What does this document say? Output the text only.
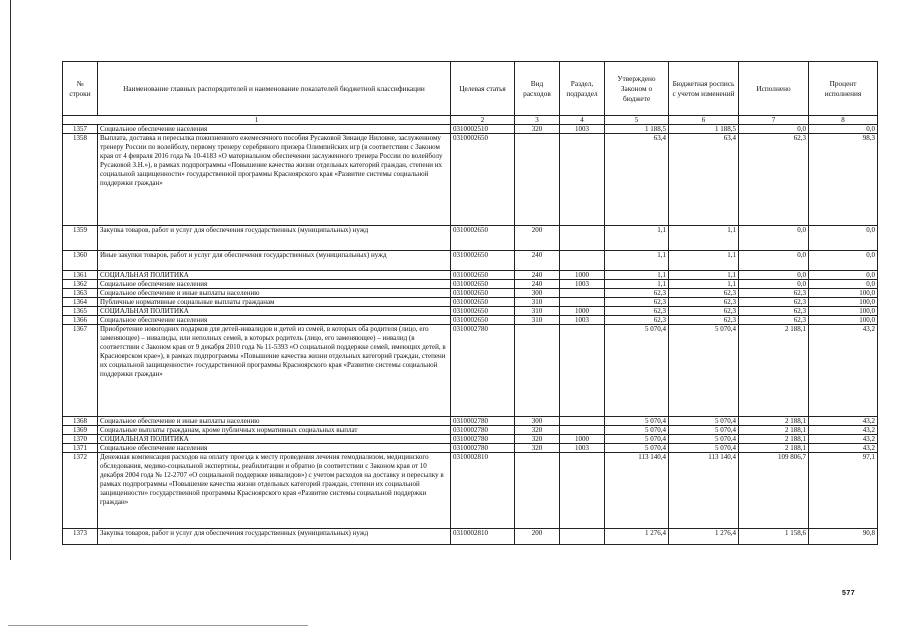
№ строки	Наименование главных распорядителей и наименование показателей бюджетной классификации	Целевая статья	Вид расходов	Раздел, подраздел	Утверждено Законом о бюджете	Бюджетная роспись с учетом изменений	Исполнено	Процент исполнения
1		2	3	4	5	6	7	8
1357	Социальное обеспечение населения	0310002510	320	1003	1 188,5	1 188,5	0,0	0,0
1358	Выплата, доставка и пересылка пожизненного ежемесячного пособия Русаковой Зинаиде Ниловне, заслуженному тренеру России по волейболу, первому тренеру серебряного призера Олимпийских игр (в соответствии с Законом края от 4 февраля 2016 года № 10-4183 «О материальном обеспечении заслуженного тренера России по волейболу Русаковой З.Н.»), в рамках подпрограммы «Повышение качества жизни отдельных категорий граждан, степени их социальной защищенности» государственной программы Красноярского края «Развитие системы социальной поддержки граждан»	0310002650			63,4	63,4	62,3	98,3
1359	Закупка товаров, работ и услуг для обеспечения государственных (муниципальных) нужд	0310002650	200		1,1	1,1	0,0	0,0
1360	Иные закупки товаров, работ и услуг для обеспечения государственных (муниципальных) нужд	0310002650	240		1,1	1,1	0,0	0,0
1361	СОЦИАЛЬНАЯ ПОЛИТИКА	0310002650	240	1000	1,1	1,1	0,0	0,0
1362	Социальное обеспечение населения	0310002650	240	1003	1,1	1,1	0,0	0,0
1363	Социальное обеспечение и иные выплаты населению	0310002650	300		62,3	62,3	62,3	100,0
1364	Публичные нормативные социальные выплаты гражданам	0310002650	310		62,3	62,3	62,3	100,0
1365	СОЦИАЛЬНАЯ ПОЛИТИКА	0310002650	310	1000	62,3	62,3	62,3	100,0
1366	Социальное обеспечение населения	0310002650	310	1003	62,3	62,3	62,3	100,0
1367	Приобретение новогодних подарков для детей-инвалидов и детей из семей, в которых оба родителя (лицо, его заменяющее) – инвалиды, или неполных семей, в которых родитель (лицо, его заменяющее) – инвалид (в соответствии с Законом края от 9 декабря 2010 года № 11-5393 «О социальной поддержке семей, имеющих детей, в Красноярском крае»), в рамках подпрограммы «Повышение качества жизни отдельных категорий граждан, степени их социальной защищенности» государственной программы Красноярского края «Развитие системы социальной поддержки граждан»	0310002780			5 070,4	5 070,4	2 188,1	43,2
1368	Социальное обеспечение и иные выплаты населению	0310002780	300		5 070,4	5 070,4	2 188,1	43,2
1369	Социальные выплаты гражданам, кроме публичных нормативных социальных выплат	0310002780	320		5 070,4	5 070,4	2 188,1	43,2
1370	СОЦИАЛЬНАЯ ПОЛИТИКА	0310002780	320	1000	5 070,4	5 070,4	2 188,1	43,2
1371	Социальное обеспечение населения	0310002780	320	1003	5 070,4	5 070,4	2 188,1	43,2
1372	Денежная компенсация расходов на оплату проезда к месту проведения лечения гемодиализом, медицинского обследования, медико-социальной экспертизы, реабилитации и обратно (в соответствии с Законом края от 10 декабря 2004 года № 12-2707 «О социальной поддержке инвалидов») с учетом расходов на доставку и пересылку в рамках подпрограммы «Повышение качества жизни отдельных категорий граждан, степени их социальной защищенности» государственной программы Красноярского края «Развитие системы социальной поддержки граждан»	0310002810			113 140,4	113 140,4	109 806,7	97,1
1373	Закупка товаров, работ и услуг для обеспечения государственных (муниципальных) нужд	0310002810	200		1 276,4	1 276,4	1 158,6	90,8
577
